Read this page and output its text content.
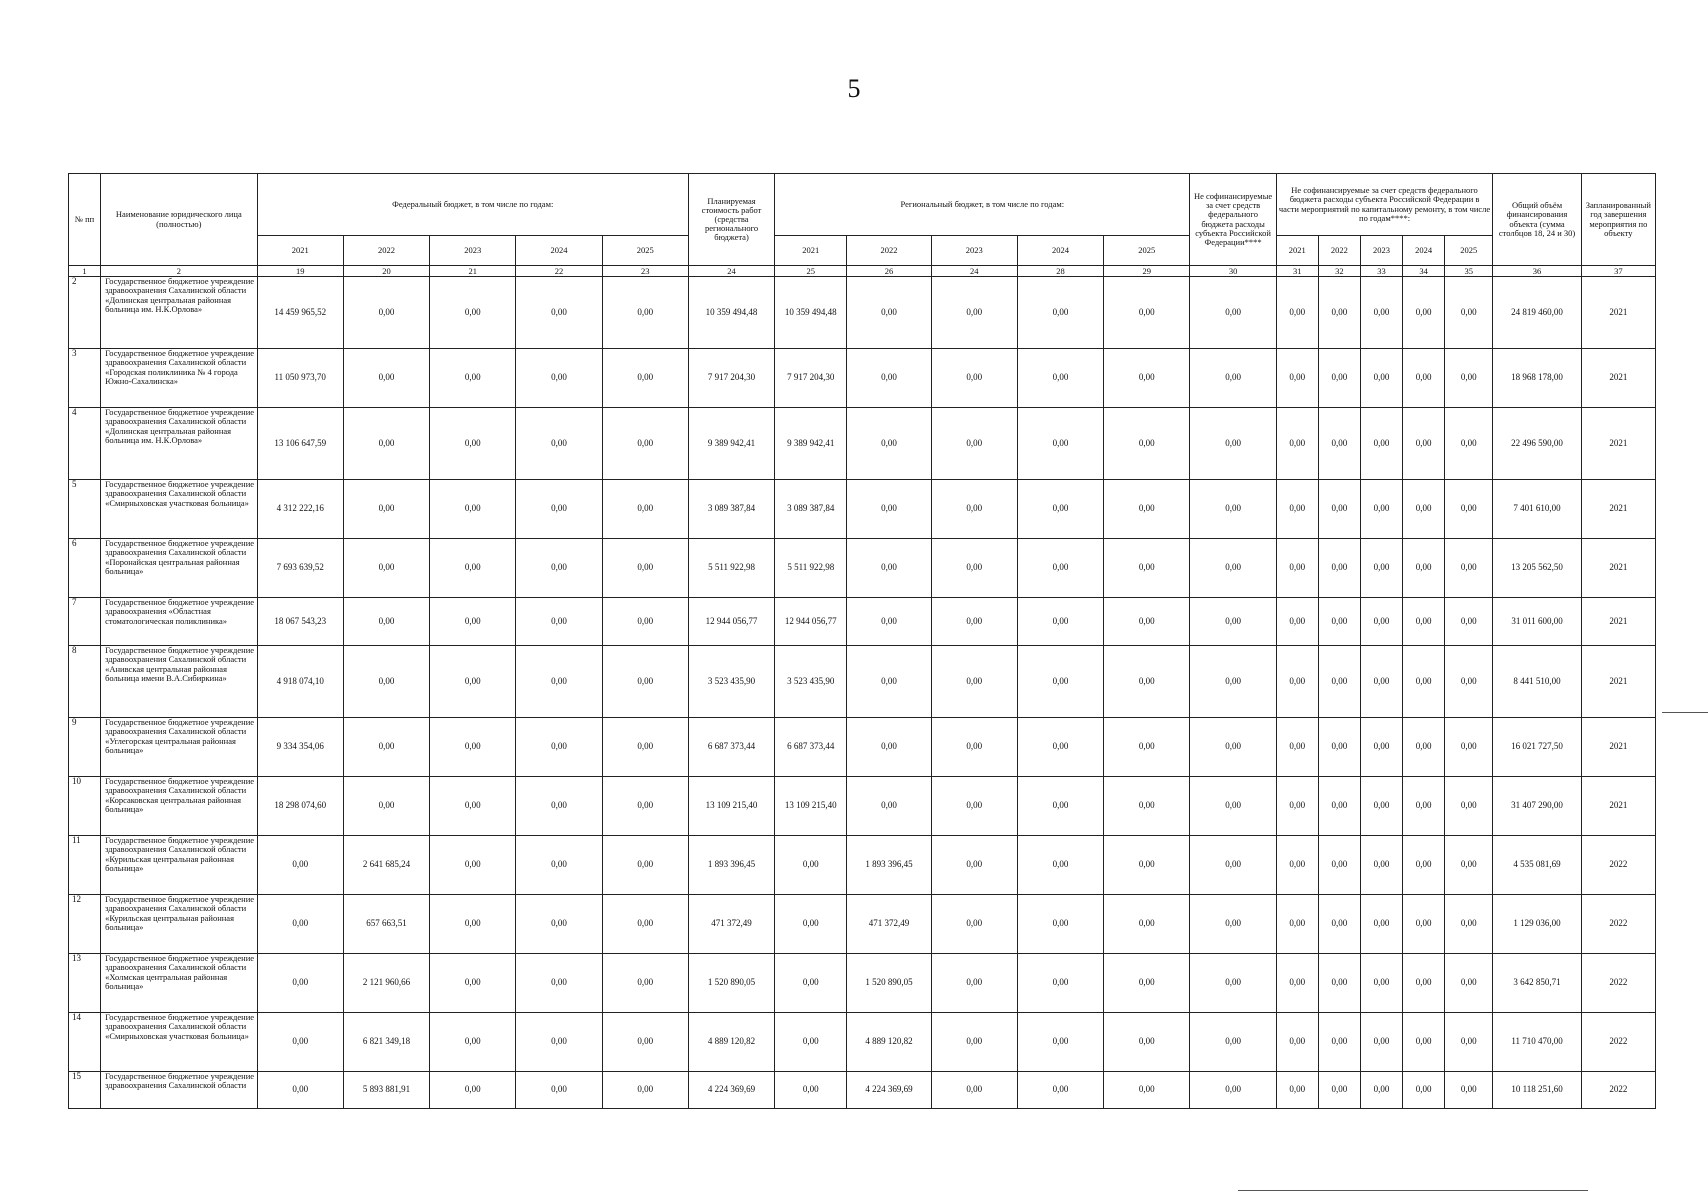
5
№ пп	Наименование юридического лица (полностью)	Федеральный бюджет, в том числе по годам:					Планируемая стоимость работ (средства регионального бюджета)	Региональный бюджет, в том числе по годам:					Не софинансируемые за счет средств федерального бюджета расходы субъекта Российской Федерации****	Не софинансируемые за счет средств федерального бюджета расходы субъекта Российской Федерации в части мероприятий по капитальному ремонту, в том числе по годам****:					Общий объём финансирования объекта (сумма столбцов 18, 24 и 30)	Запланированный год завершения мероприятия по объекту
		2021	2022	2023	2024	2025		2021	2022	2023	2024	2025		2021	2022	2023	2024	2025		
1	2	19	20	21	22	23	24	25	26	24	28	29	30	31	32	33	34	35	36	37
2	Государственное бюджетное учреждение здравоохранения Сахалинской области «Долинская центральная районная больница им. Н.К.Орлова»	14 459 965,52	0,00	0,00	0,00	0,00	10 359 494,48	10 359 494,48	0,00	0,00	0,00	0,00	0,00	0,00	0,00	0,00	0,00	0,00	24 819 460,00	2021
3	Государственное бюджетное учреждение здравоохранения Сахалинской области «Городская поликлиника № 4 города Южно-Сахалинска»	11 050 973,70	0,00	0,00	0,00	0,00	7 917 204,30	7 917 204,30	0,00	0,00	0,00	0,00	0,00	0,00	0,00	0,00	0,00	0,00	18 968 178,00	2021
4	Государственное бюджетное учреждение здравоохранения Сахалинской области «Долинская центральная районная больница им. Н.К.Орлова»	13 106 647,59	0,00	0,00	0,00	0,00	9 389 942,41	9 389 942,41	0,00	0,00	0,00	0,00	0,00	0,00	0,00	0,00	0,00	0,00	22 496 590,00	2021
5	Государственное бюджетное учреждение здравоохранения Сахалинской области «Смирныховская участковая больница»	4 312 222,16	0,00	0,00	0,00	0,00	3 089 387,84	3 089 387,84	0,00	0,00	0,00	0,00	0,00	0,00	0,00	0,00	0,00	0,00	7 401 610,00	2021
6	Государственное бюджетное учреждение здравоохранения Сахалинской области «Поронайская центральная районная больница»	7 693 639,52	0,00	0,00	0,00	0,00	5 511 922,98	5 511 922,98	0,00	0,00	0,00	0,00	0,00	0,00	0,00	0,00	0,00	0,00	13 205 562,50	2021
7	Государственное бюджетное учреждение здравоохранения «Областная стоматологическая поликлиника»	18 067 543,23	0,00	0,00	0,00	0,00	12 944 056,77	12 944 056,77	0,00	0,00	0,00	0,00	0,00	0,00	0,00	0,00	0,00	0,00	31 011 600,00	2021
8	Государственное бюджетное учреждение здравоохранения Сахалинской области «Анивская центральная районная больница имени В.А.Сибиркина»	4 918 074,10	0,00	0,00	0,00	0,00	3 523 435,90	3 523 435,90	0,00	0,00	0,00	0,00	0,00	0,00	0,00	0,00	0,00	0,00	8 441 510,00	2021
9	Государственное бюджетное учреждение здравоохранения Сахалинской области «Углегорская центральная районная больница»	9 334 354,06	0,00	0,00	0,00	0,00	6 687 373,44	6 687 373,44	0,00	0,00	0,00	0,00	0,00	0,00	0,00	0,00	0,00	0,00	16 021 727,50	2021
10	Государственное бюджетное учреждение здравоохранения Сахалинской области «Корсаковская центральная районная больница»	18 298 074,60	0,00	0,00	0,00	0,00	13 109 215,40	13 109 215,40	0,00	0,00	0,00	0,00	0,00	0,00	0,00	0,00	0,00	0,00	31 407 290,00	2021
11	Государственное бюджетное учреждение здравоохранения Сахалинской области «Курильская центральная районная больница»	0,00	2 641 685,24	0,00	0,00	0,00	1 893 396,45	0,00	1 893 396,45	0,00	0,00	0,00	0,00	0,00	0,00	0,00	0,00	0,00	4 535 081,69	2022
12	Государственное бюджетное учреждение здравоохранения Сахалинской области «Курильская центральная районная больница»	0,00	657 663,51	0,00	0,00	0,00	471 372,49	0,00	471 372,49	0,00	0,00	0,00	0,00	0,00	0,00	0,00	0,00	0,00	1 129 036,00	2022
13	Государственное бюджетное учреждение здравоохранения Сахалинской области «Холмская центральная районная больница»	0,00	2 121 960,66	0,00	0,00	0,00	1 520 890,05	0,00	1 520 890,05	0,00	0,00	0,00	0,00	0,00	0,00	0,00	0,00	0,00	3 642 850,71	2022
14	Государственное бюджетное учреждение здравоохранения Сахалинской области «Смирныховская участковая больница»	0,00	6 821 349,18	0,00	0,00	0,00	4 889 120,82	0,00	4 889 120,82	0,00	0,00	0,00	0,00	0,00	0,00	0,00	0,00	0,00	11 710 470,00	2022
15	Государственное бюджетное учреждение здравоохранения Сахалинской области	0,00	5 893 881,91	0,00	0,00	0,00	4 224 369,69	0,00	4 224 369,69	0,00	0,00	0,00	0,00	0,00	0,00	0,00	0,00	0,00	10 118 251,60	2022
